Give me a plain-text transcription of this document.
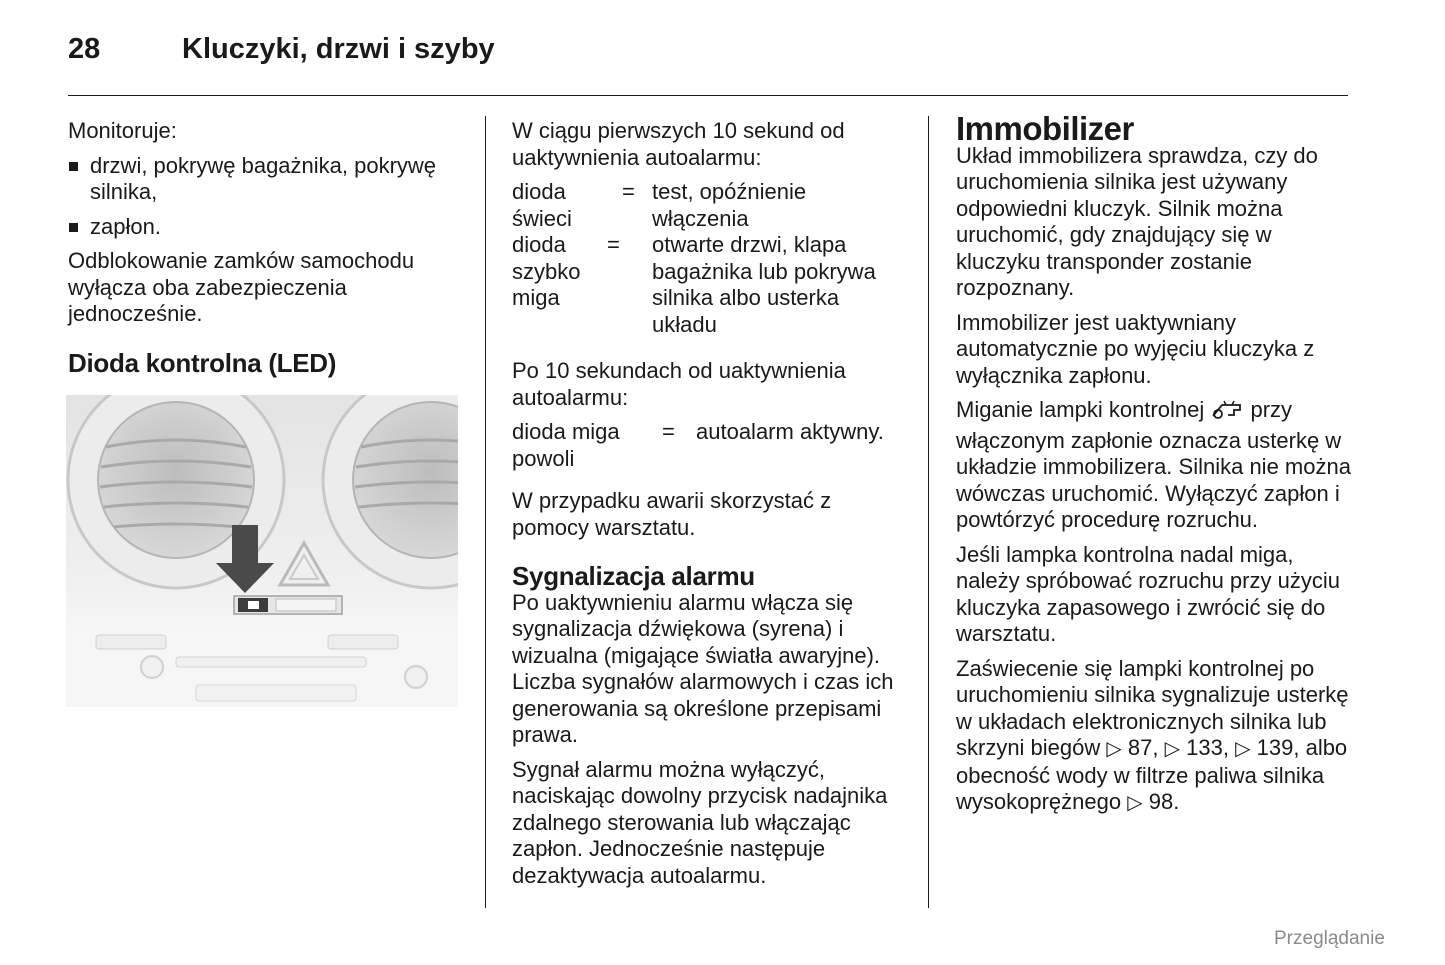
28	Kluczyki, drzwi i szyby

Monitoruje:

drzwi, pokrywę bagażnika, pokrywę silnika,
zapłon.

Odblokowanie zamków samochodu wyłącza oba zabezpieczenia jednocześnie.

Dioda kontrolna (LED)

W ciągu pierwszych 10 sekund od uaktywnienia autoalarmu:

dioda świeci
= test, opóźnienie włączenia
dioda szybko miga
=	otwarte drzwi, klapa bagażnika lub pokrywa silnika albo usterka układu

Po 10 sekundach od uaktywnienia autoalarmu:

dioda miga powoli
= autoalarm aktywny.

W przypadku awarii skorzystać z pomocy warsztatu.

Sygnalizacja alarmu

Po uaktywnieniu alarmu włącza się sygnalizacja dźwiękowa (syrena) i wizualna (migające światła awaryjne). Liczba sygnałów alarmowych i czas ich generowania są określone przepisami prawa.

Sygnał alarmu można wyłączyć, naciskając dowolny przycisk nadajnika zdalnego sterowania lub włączając zapłon. Jednocześnie następuje dezaktywacja autoalarmu.

Immobilizer

Układ immobilizera sprawdza, czy do uruchomienia silnika jest używany odpowiedni kluczyk. Silnik można uruchomić, gdy znajdujący się w kluczyku transponder zostanie rozpoznany.

Immobilizer jest uaktywniany automatycznie po wyjęciu kluczyka z wyłącznika zapłonu.

Miganie lampki kontrolnej przy włączonym zapłonie oznacza usterkę w układzie immobilizera. Silnika nie można wówczas uruchomić. Wyłączyć zapłon i powtórzyć procedurę rozruchu.

Jeśli lampka kontrolna nadal miga, należy spróbować rozruchu przy użyciu kluczyka zapasowego i zwrócić się do warsztatu.

Zaświecenie się lampki kontrolnej po uruchomieniu silnika sygnalizuje usterkę w układach elektronicznych silnika lub skrzyni biegów ▷ 87, ▷ 133, ▷ 139, albo obecność wody w filtrze paliwa silnika wysokoprężnego ▷ 98.

Przeglądanie
